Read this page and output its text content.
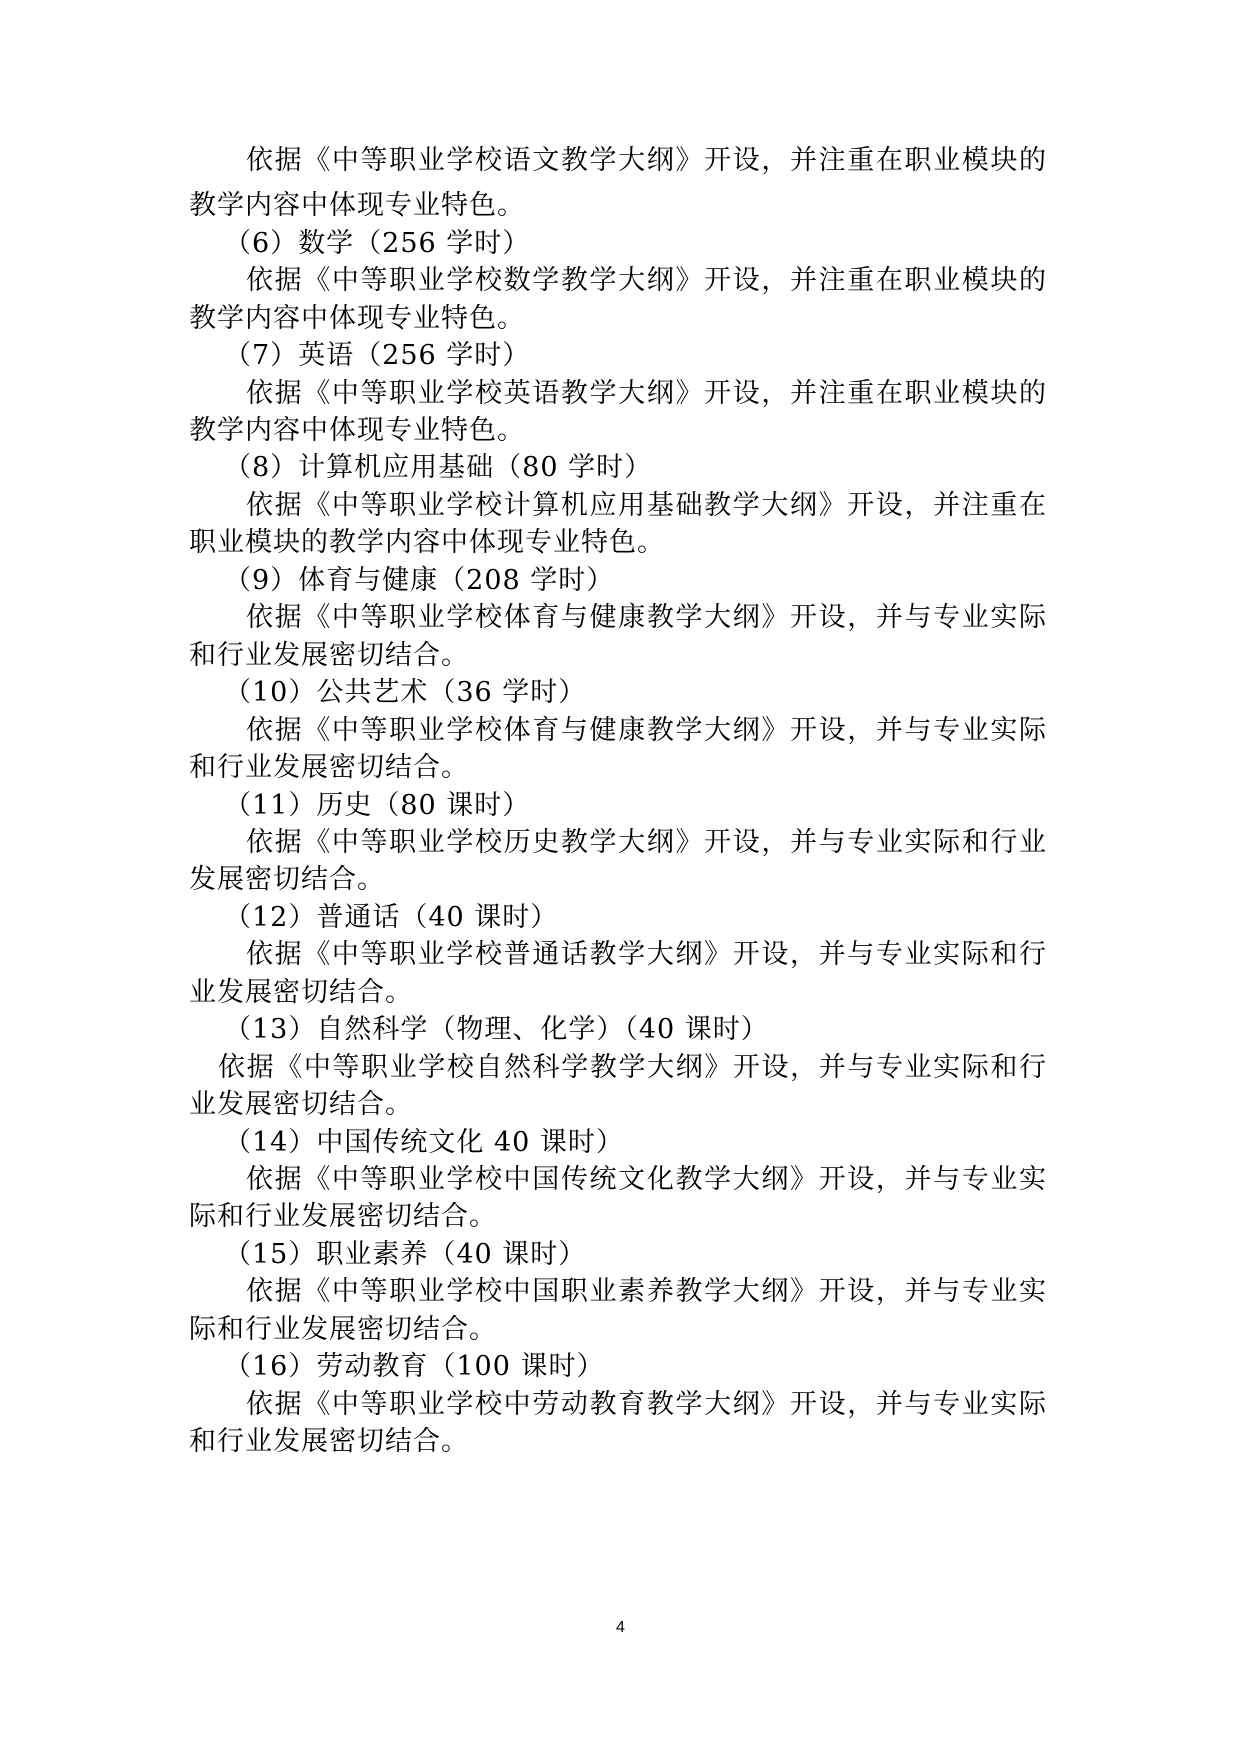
依据《中等职业学校语文教学大纲》开设，并注重在职业模块的
教学内容中体现专业特色。
（6）数学（256 学时）
依据《中等职业学校数学教学大纲》开设，并注重在职业模块的
教学内容中体现专业特色。
（7）英语（256 学时）
依据《中等职业学校英语教学大纲》开设，并注重在职业模块的
教学内容中体现专业特色。
（8）计算机应用基础（80 学时）
依据《中等职业学校计算机应用基础教学大纲》开设，并注重在
职业模块的教学内容中体现专业特色。
（9）体育与健康（208 学时）
依据《中等职业学校体育与健康教学大纲》开设，并与专业实际
和行业发展密切结合。
（10）公共艺术（36 学时）
依据《中等职业学校体育与健康教学大纲》开设，并与专业实际
和行业发展密切结合。
（11）历史（80 课时）
依据《中等职业学校历史教学大纲》开设，并与专业实际和行业
发展密切结合。
（12）普通话（40 课时）
依据《中等职业学校普通话教学大纲》开设，并与专业实际和行
业发展密切结合。
（13）自然科学（物理、化学）（40 课时）
依据《中等职业学校自然科学教学大纲》开设，并与专业实际和行
业发展密切结合。
（14）中国传统文化 40 课时）
依据《中等职业学校中国传统文化教学大纲》开设，并与专业实
际和行业发展密切结合。
（15）职业素养（40 课时）
依据《中等职业学校中国职业素养教学大纲》开设，并与专业实
际和行业发展密切结合。
（16）劳动教育（100 课时）
依据《中等职业学校中劳动教育教学大纲》开设，并与专业实际
和行业发展密切结合。
4
